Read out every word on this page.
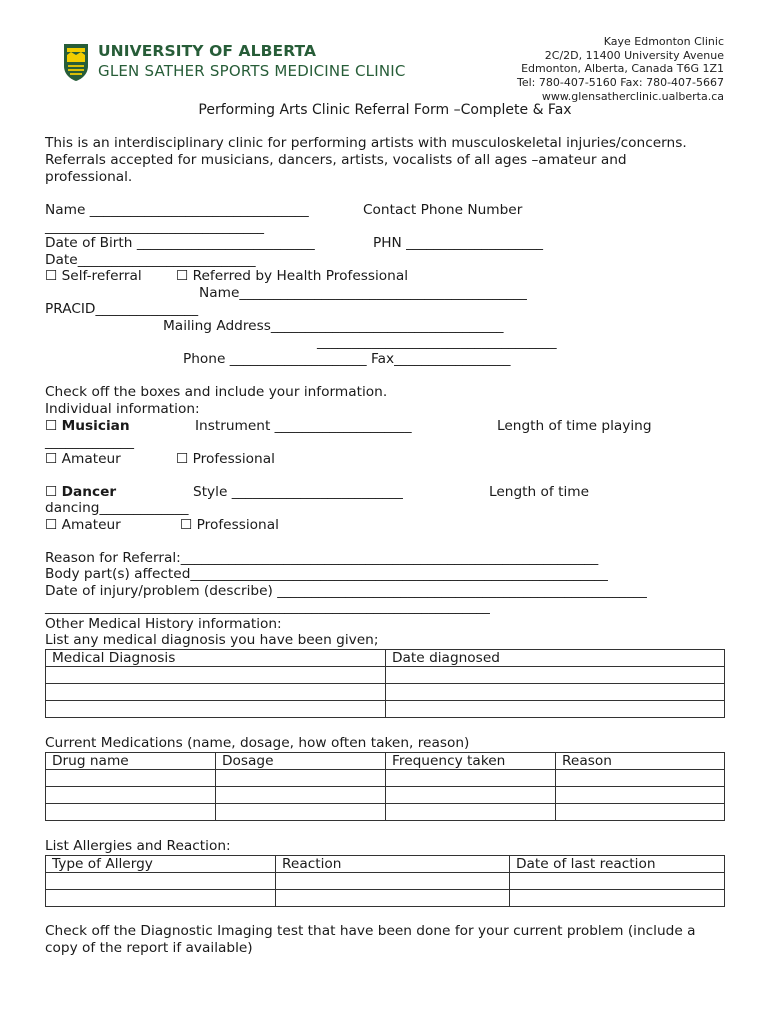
UNIVERSITY OF ALBERTA
GLEN SATHER SPORTS MEDICINE CLINIC
Kaye Edmonton Clinic
2C/2D, 11400 University Avenue
Edmonton, Alberta, Canada T6G 1Z1
Tel: 780-407-5160 Fax: 780-407-5667
www.glensatherclinic.ualberta.ca
Performing Arts Clinic Referral Form –Complete & Fax
This is an interdisciplinary clinic for performing artists with musculoskeletal injuries/concerns.
Referrals accepted for musicians, dancers, artists, vocalists of all ages –amateur and
professional.
Name ________________________________	Contact Phone Number
________________________________
Date of Birth __________________________	PHN ____________________
Date__________________________
☐ Self-referral	☐ Referred by Health Professional
Name__________________________________________
PRACID_______________
Mailing Address__________________________________
___________________________________
Phone ____________________ Fax_________________
Check off the boxes and include your information.
Individual information:
☐ Musician	Instrument ____________________	Length of time playing
_____________
☐ Amateur	☐ Professional
☐ Dancer	Style _________________________	Length of time
dancing_____________
☐ Amateur	☐ Professional
Reason for Referral:_____________________________________________________________
Body part(s) affected_____________________________________________________________
Date of injury/problem (describe) ______________________________________________________
_________________________________________________________________
Other Medical History information:
List any medical diagnosis you have been given;
Medical Diagnosis	Date diagnosed

Current Medications (name, dosage, how often taken, reason)
Drug name	Dosage	Frequency taken	Reason

List Allergies and Reaction:
Type of Allergy	Reaction	Date of last reaction

Check off the Diagnostic Imaging test that have been done for your current problem (include a
copy of the report if available)
